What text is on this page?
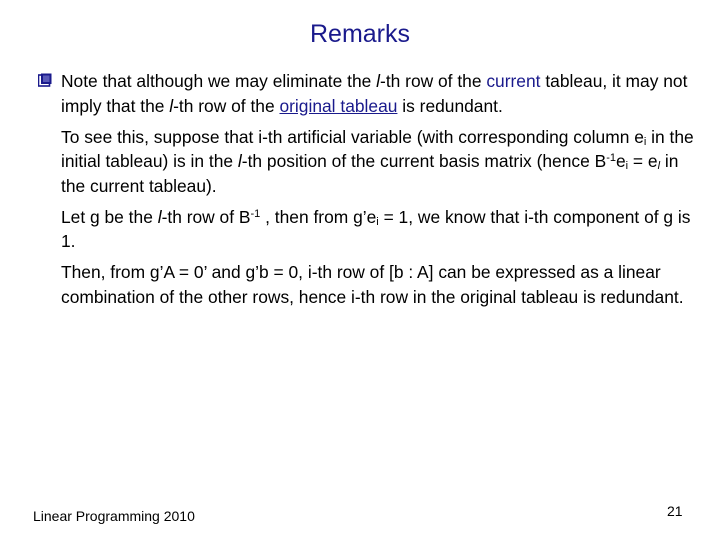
Remarks

Note that although we may eliminate the l-th row of the current tableau, it may not imply that the l-th row of the original tableau is redundant.

To see this, suppose that i-th artificial variable (with corresponding column $e_i$ in the initial tableau) is in the l-th position of the current basis matrix (hence $B^{-1}e_i = e_l$ in the current tableau).

Let g be the l-th row of $B^{-1}$ , then from $g’e_i = 1$, we know that i-th component of g is 1.

Then, from g’A = 0’ and g’b = 0, i-th row of [b : A] can be expressed as a linear combination of the other rows, hence i-th row in the original tableau is redundant.

Linear Programming 2010	21
